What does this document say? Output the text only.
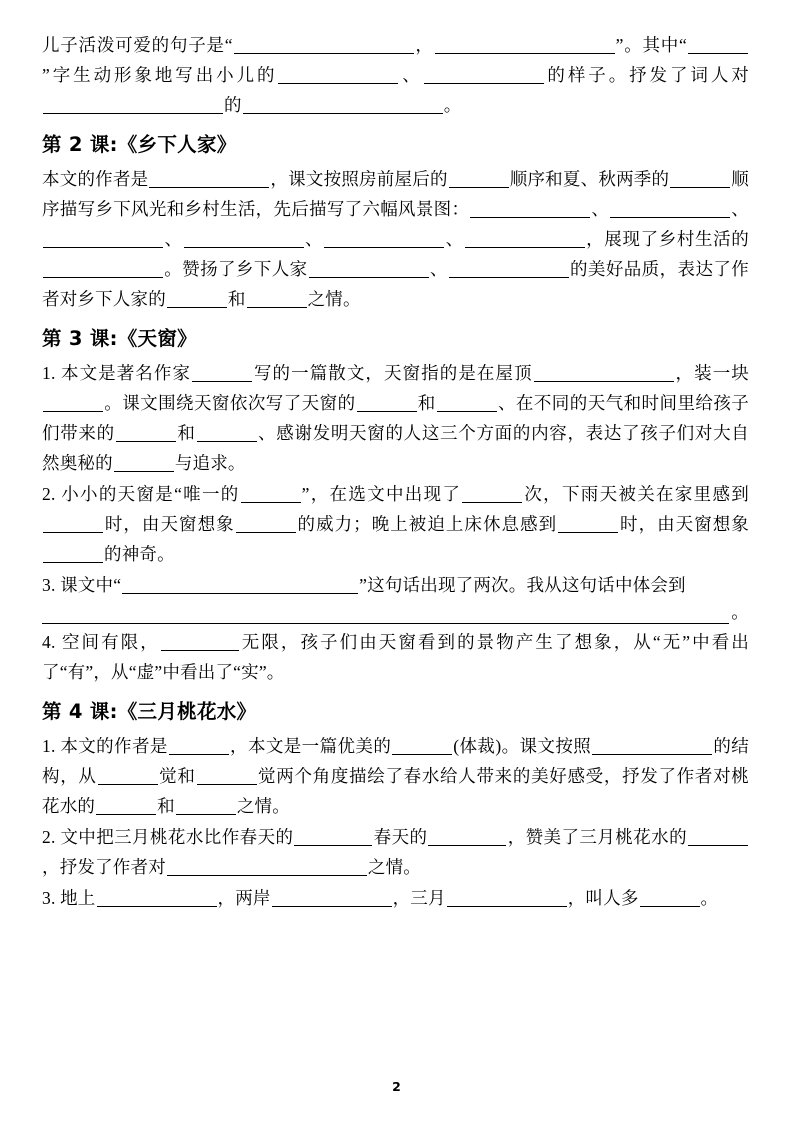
儿子活泼可爱的句子是“	，	”。其中“”字生动形象地写出小儿的	、	的样子。抒发了词人对的	。

第 2 课:《乡下人家》

本文的作者是	，课文按照房前屋后的	顺序和夏、秋两季的	顺序描写乡下风光和乡村生活，先后描写了六幅风景图：	、	、、	、	、	，展现了乡村生活的。赞扬了乡下人家	、	的美好品质，表达了作者对乡下人家的	和	之情。

第 3 课:《天窗》

1. 本文是著名作家	写的一篇散文，天窗指的是在屋顶	，装一块。课文围绕天窗依次写了天窗的	和	、在不同的天气和时间里给孩子们带来的	和	、感谢发明天窗的人这三个方面的内容，表达了孩子们对大自然奥秘的	与追求。

2. 小小的天窗是“唯一的	”，在选文中出现了	次，下雨天被关在家里感到时，由天窗想象	的威力；晚上被迫上床休息感到	时，由天窗想象的神奇。

3. 课文中“	”这句话出现了两次。我从这句话中体会到

。

4. 空间有限，	无限，孩子们由天窗看到的景物产生了想象，从“无”中看出了“有”，从“虚”中看出了“实”。

第 4 课:《三月桃花水》

1. 本文的作者是	，本文是一篇优美的	(体裁)。课文按照	的结构，从	觉和	觉两个角度描绘了春水给人带来的美好感受，抒发了作者对桃花水的	和	之情。

2. 文中把三月桃花水比作春天的	春天的	，赞美了三月桃花水的，抒发了作者对	之情。

3. 地上	，两岸	，三月	，叫人多	。

2
